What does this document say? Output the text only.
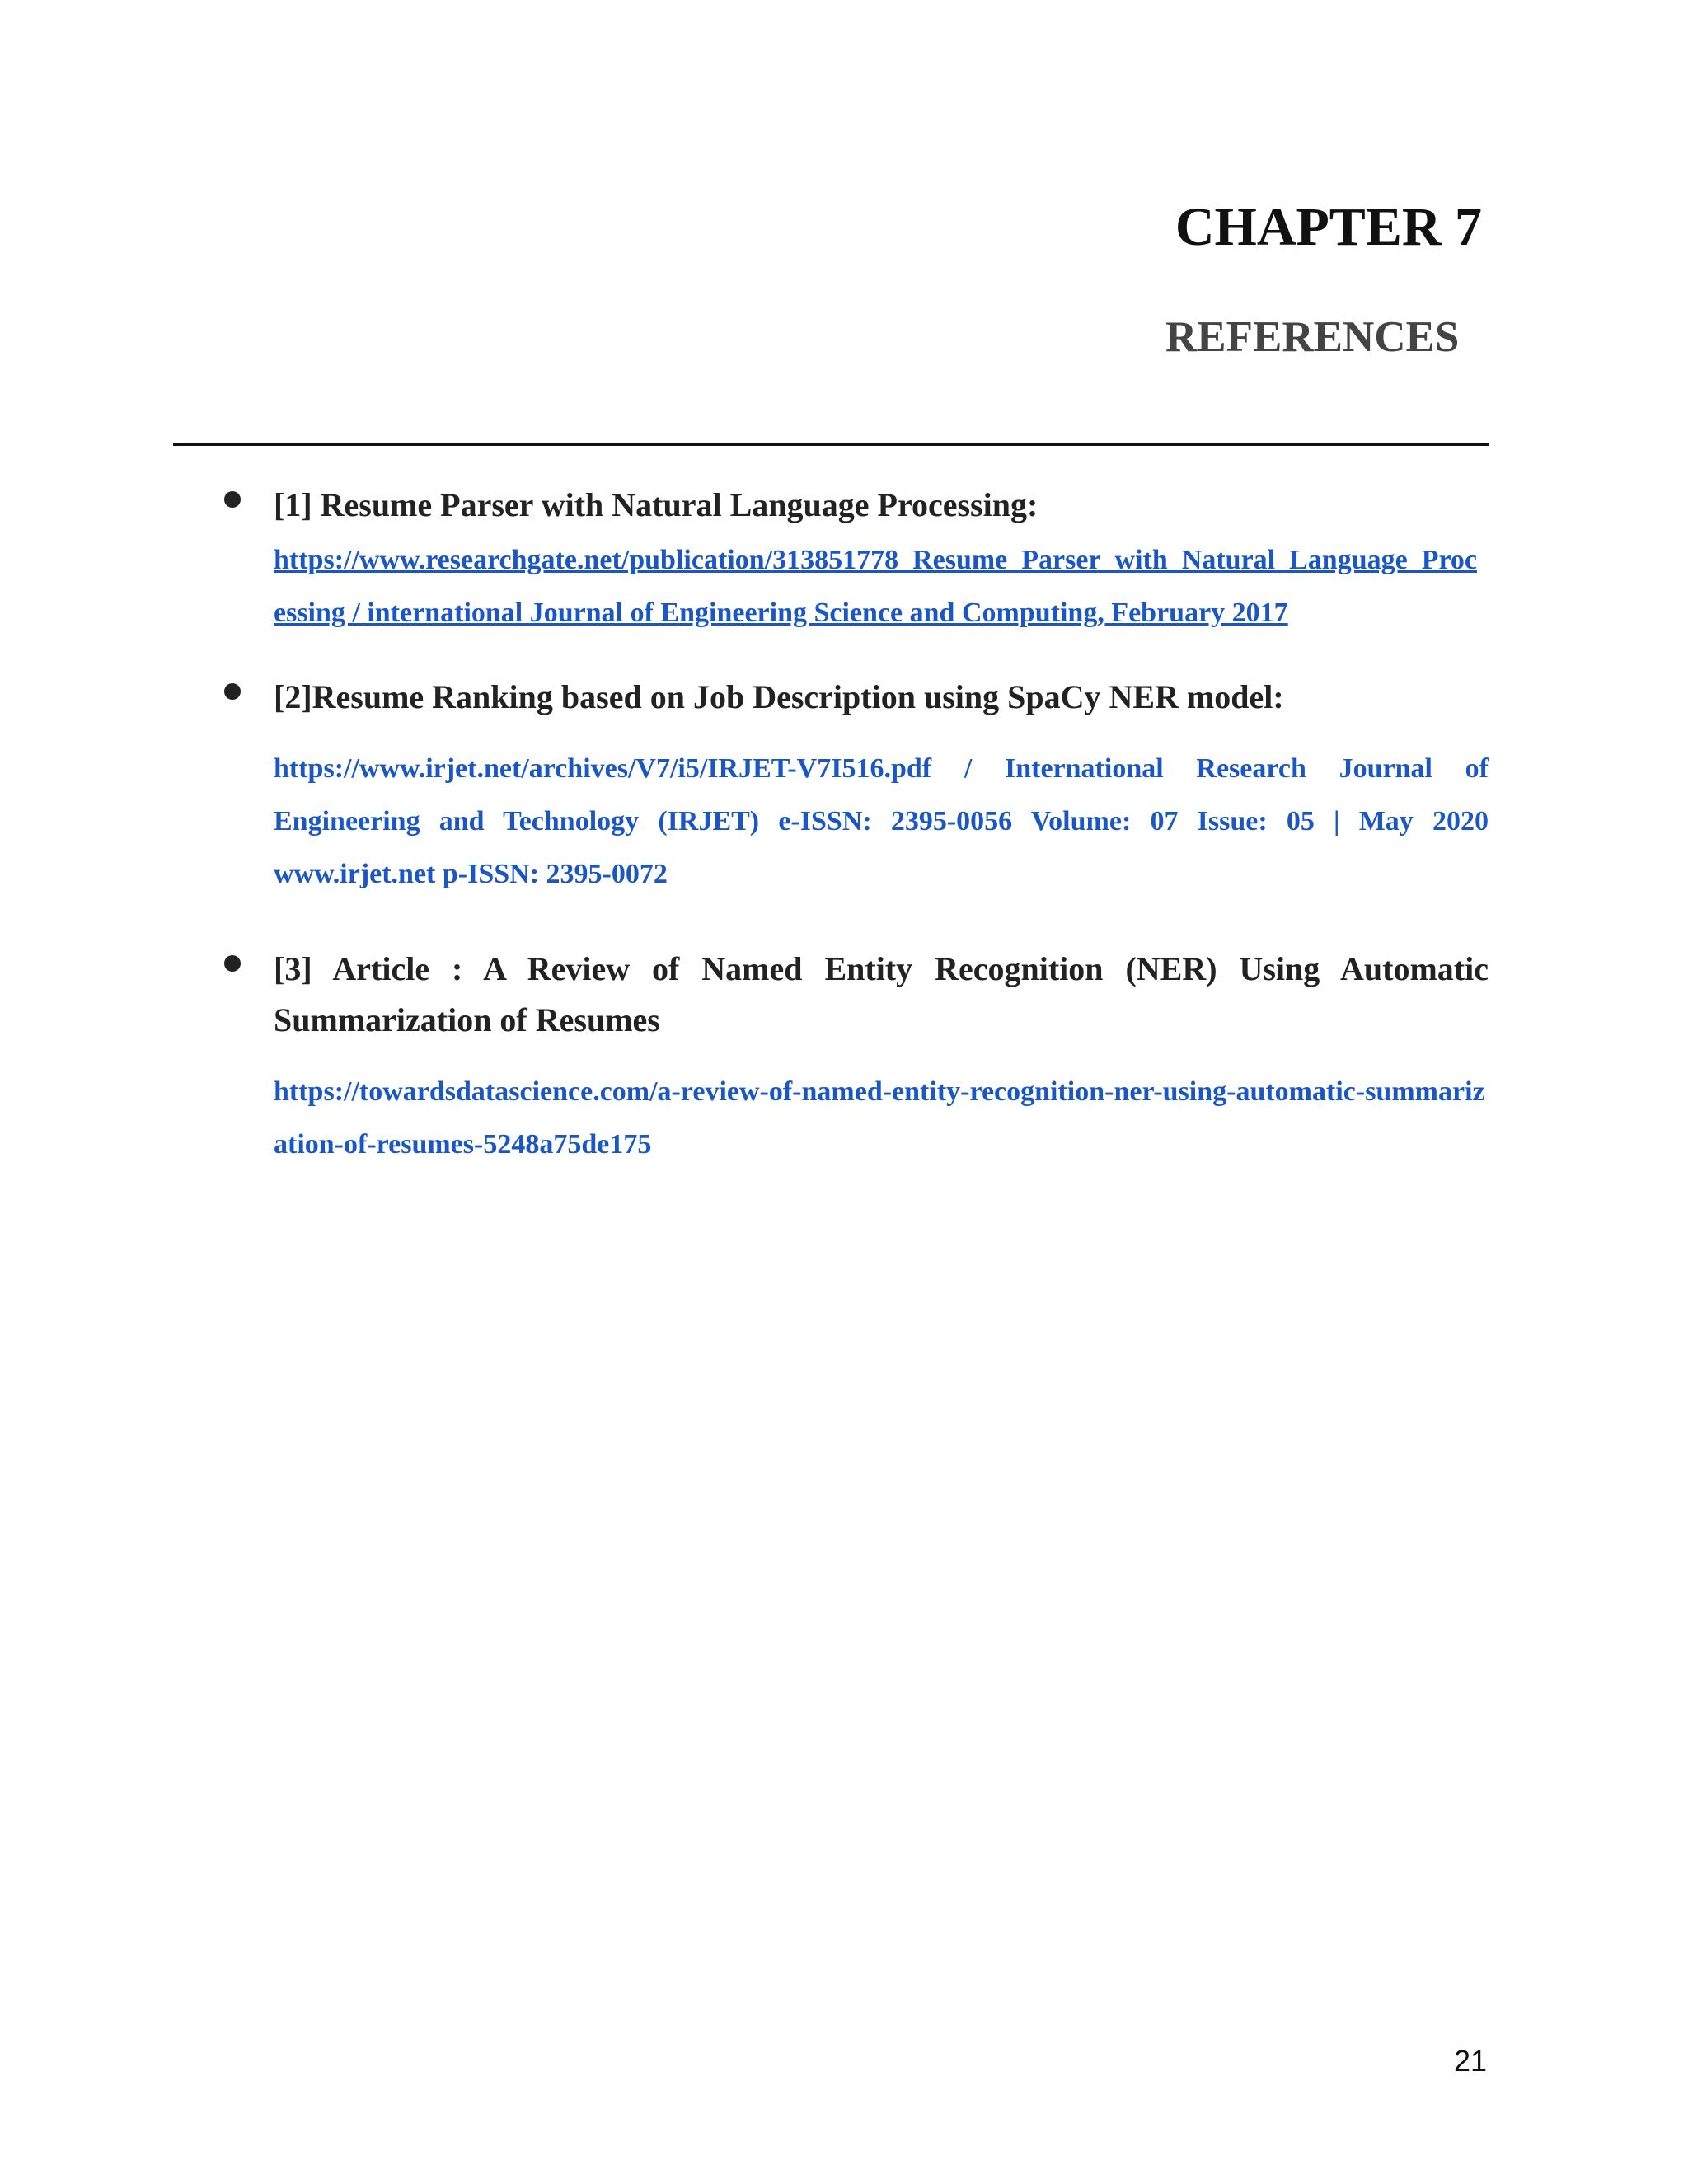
CHAPTER 7
REFERENCES

[1] Resume Parser with Natural Language Processing:

https://www.researchgate.net/publication/313851778_Resume_Parser_with_Natural_Language_Processing / international Journal of Engineering Science and Computing, February 2017

[2]Resume Ranking based on Job Description using SpaCy NER model:

https://www.irjet.net/archives/V7/i5/IRJET-V7I516.pdf / International Research Journal of Engineering and Technology (IRJET) e-ISSN: 2395-0056 Volume: 07 Issue: 05 | May 2020 www.irjet.net p-ISSN: 2395-0072

[3] Article : A Review of Named Entity Recognition (NER) Using Automatic Summarization of Resumes

https://towardsdatascience.com/a-review-of-named-entity-recognition-ner-using-automatic-summarization-of-resumes-5248a75de175

21
